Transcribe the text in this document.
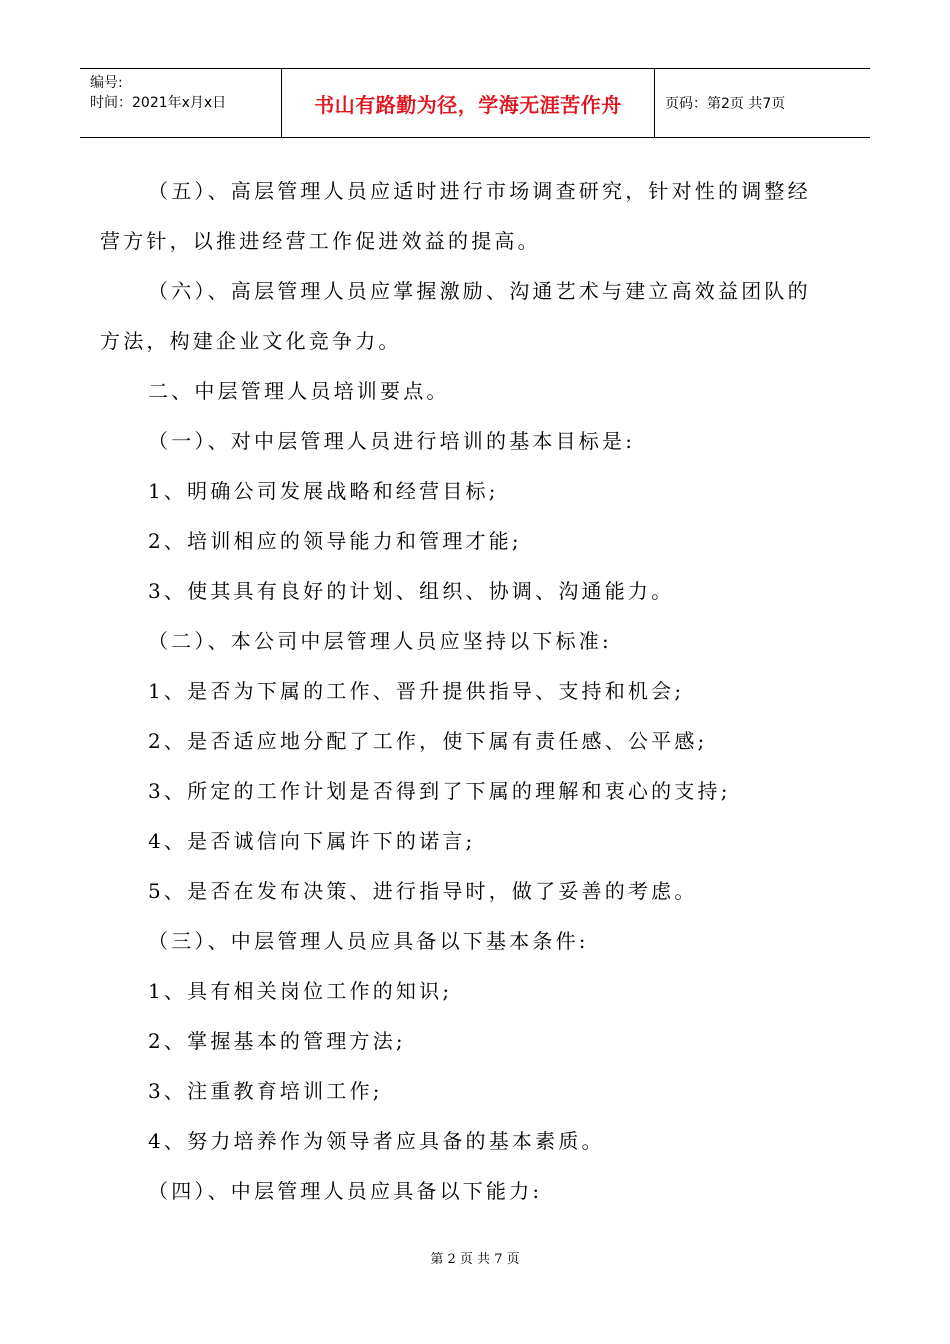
编号:
时间：2021年x月x日	书山有路勤为径，学海无涯苦作舟	页码：第2页 共7页
（五）、高层管理人员应适时进行市场调查研究，针对性的调整经
营方针，以推进经营工作促进效益的提高。
（六）、高层管理人员应掌握激励、沟通艺术与建立高效益团队的
方法，构建企业文化竞争力。
二、中层管理人员培训要点。
（一）、对中层管理人员进行培训的基本目标是:
1、明确公司发展战略和经营目标;
2、培训相应的领导能力和管理才能;
3、使其具有良好的计划、组织、协调、沟通能力。
（二）、本公司中层管理人员应坚持以下标准:
1、是否为下属的工作、晋升提供指导、支持和机会;
2、是否适应地分配了工作，使下属有责任感、公平感;
3、所定的工作计划是否得到了下属的理解和衷心的支持;
4、是否诚信向下属许下的诺言;
5、是否在发布决策、进行指导时，做了妥善的考虑。
（三）、中层管理人员应具备以下基本条件:
1、具有相关岗位工作的知识;
2、掌握基本的管理方法;
3、注重教育培训工作;
4、努力培养作为领导者应具备的基本素质。
（四）、中层管理人员应具备以下能力:
第 2 页 共 7 页
